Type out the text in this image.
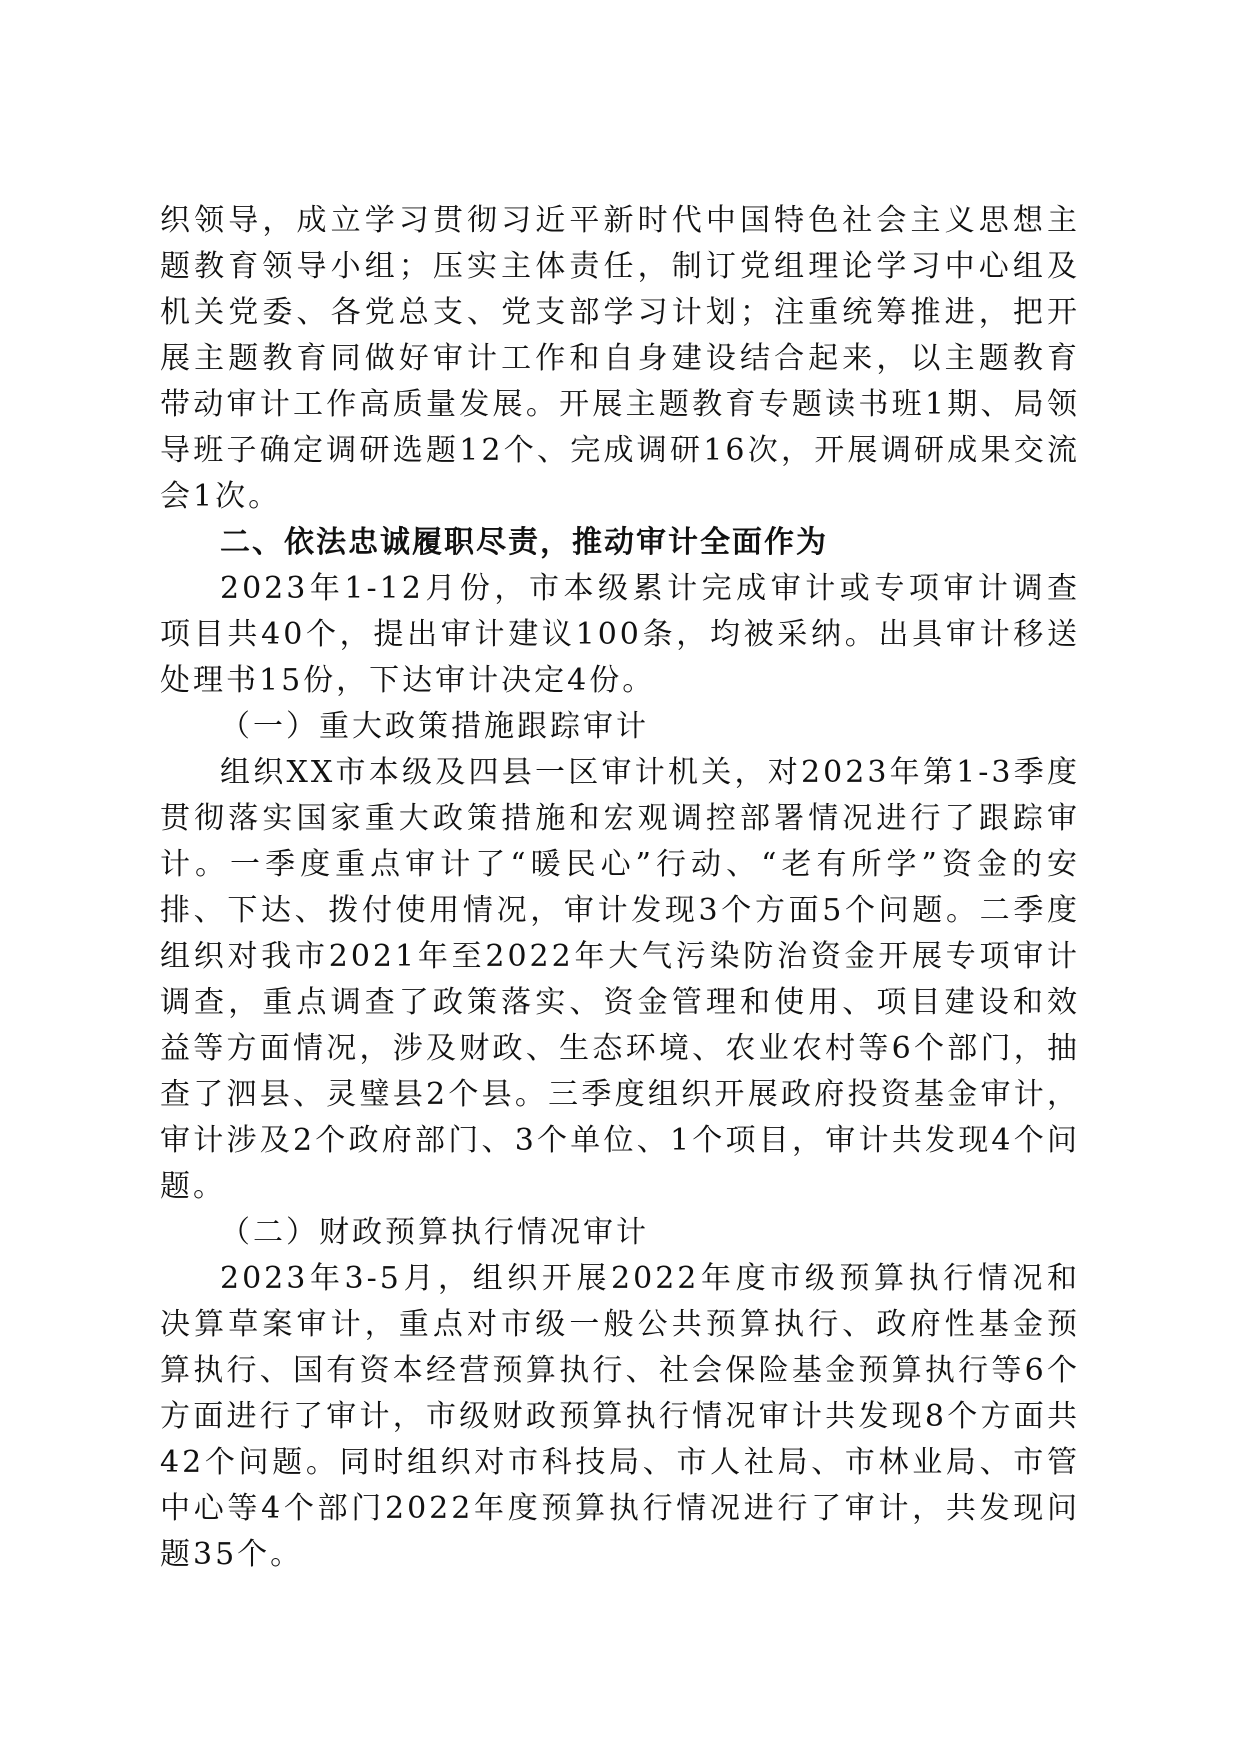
织领导，成立学习贯彻习近平新时代中国特色社会主义思想主题教育领导小组；压实主体责任，制订党组理论学习中心组及机关党委、各党总支、党支部学习计划；注重统筹推进，把开展主题教育同做好审计工作和自身建设结合起来，以主题教育带动审计工作高质量发展。开展主题教育专题读书班1期、局领导班子确定调研选题12个、完成调研16次，开展调研成果交流会1次。

二、依法忠诚履职尽责，推动审计全面作为

2023年1-12月份，市本级累计完成审计或专项审计调查项目共40个，提出审计建议100条，均被采纳。出具审计移送处理书15份，下达审计决定4份。

（一）重大政策措施跟踪审计

组织XX市本级及四县一区审计机关，对2023年第1-3季度贯彻落实国家重大政策措施和宏观调控部署情况进行了跟踪审计。一季度重点审计了“暖民心”行动、“老有所学”资金的安排、下达、拨付使用情况，审计发现3个方面5个问题。二季度组织对我市2021年至2022年大气污染防治资金开展专项审计调查，重点调查了政策落实、资金管理和使用、项目建设和效益等方面情况，涉及财政、生态环境、农业农村等6个部门，抽查了泗县、灵璧县2个县。三季度组织开展政府投资基金审计，审计涉及2个政府部门、3个单位、1个项目，审计共发现4个问题。

（二）财政预算执行情况审计

2023年3-5月，组织开展2022年度市级预算执行情况和决算草案审计，重点对市级一般公共预算执行、政府性基金预算执行、国有资本经营预算执行、社会保险基金预算执行等6个方面进行了审计，市级财政预算执行情况审计共发现8个方面共42个问题。同时组织对市科技局、市人社局、市林业局、市管中心等4个部门2022年度预算执行情况进行了审计，共发现问题35个。
